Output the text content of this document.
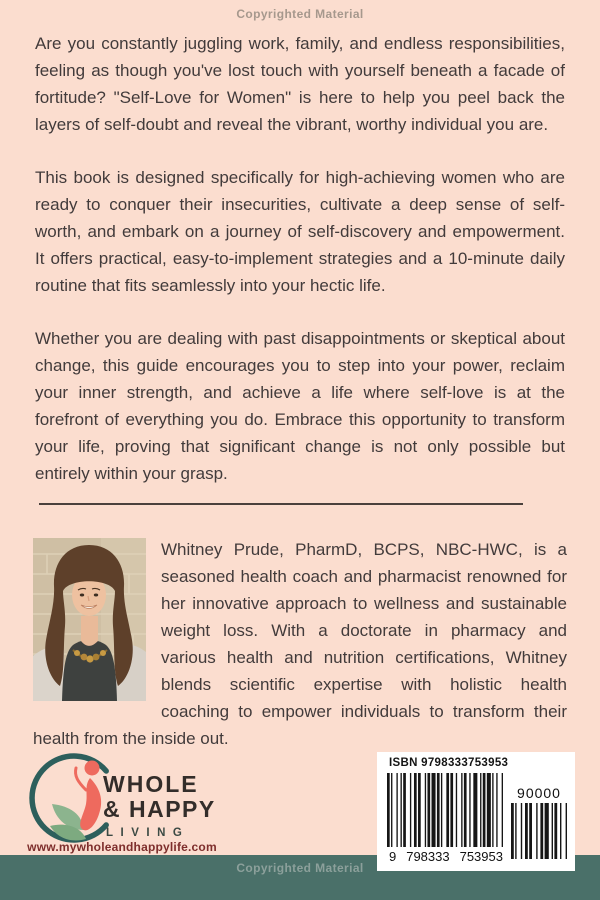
Copyrighted Material

Are you constantly juggling work, family, and endless responsibilities, feeling as though you've lost touch with yourself beneath a facade of fortitude? "Self-Love for Women" is here to help you peel back the layers of self-doubt and reveal the vibrant, worthy individual you are.

This book is designed specifically for high-achieving women who are ready to conquer their insecurities, cultivate a deep sense of self-worth, and embark on a journey of self-discovery and empowerment. It offers practical, easy-to-implement strategies and a 10-minute daily routine that fits seamlessly into your hectic life.

Whether you are dealing with past disappointments or skeptical about change, this guide encourages you to step into your power, reclaim your inner strength, and achieve a life where self-love is at the forefront of everything you do. Embrace this opportunity to transform your life, proving that significant change is not only possible but entirely within your grasp.

Whitney Prude, PharmD, BCPS, NBC-HWC, is a seasoned health coach and pharmacist renowned for her innovative approach to wellness and sustainable weight loss. With a doctorate in pharmacy and various health and nutrition certifications, Whitney blends scientific expertise with holistic health coaching to empower individuals to transform their health from the inside out.

WHOLE
& HAPPY
LIVING
www.mywholeandhappylife.com
Copyrighted Material
ISBN 9798333753953
9 798333 753953
90000
